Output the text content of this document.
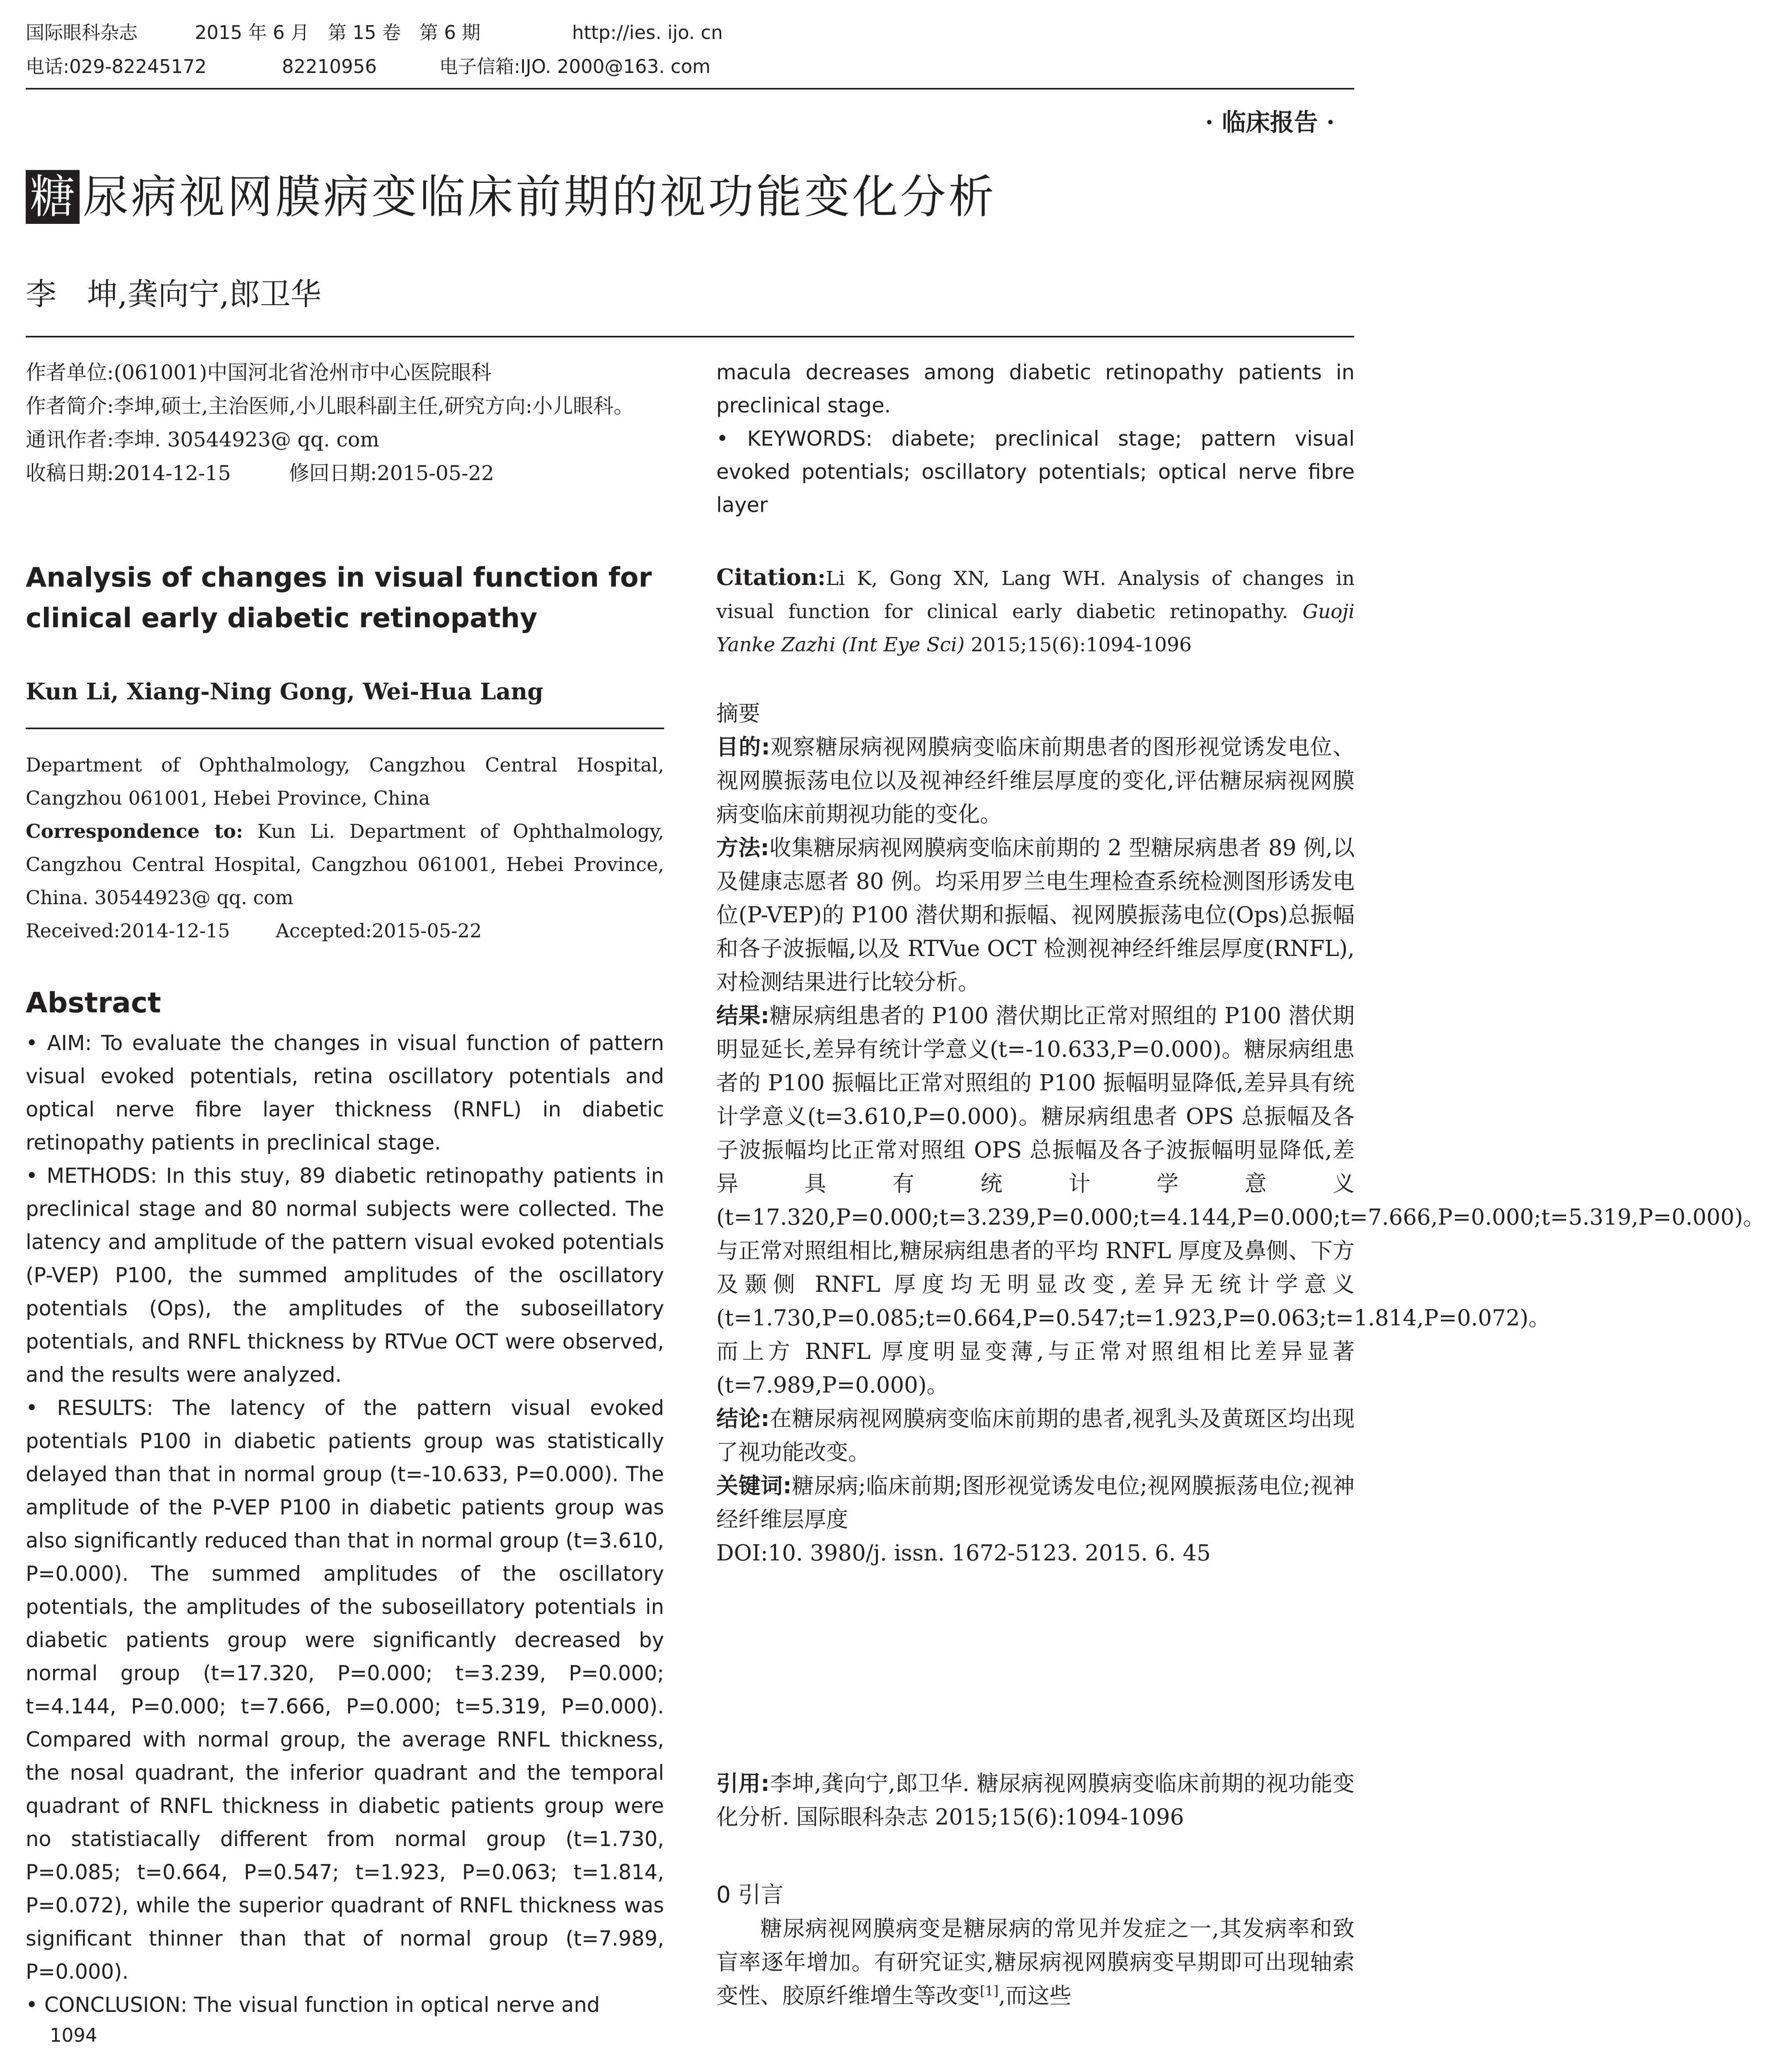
国际眼科杂志	2015 年 6 月　第 15 卷　第 6 期	http://ies. ijo. cn
电话:029-82245172	82210956	电子信箱:IJO. 2000@163. com
· 临床报告 ·
糖 尿病视网膜病变临床前期的视功能变化分析
李　坤,龚向宁,郎卫华
作者单位:(061001)中国河北省沧州市中心医院眼科
作者简介:李坤,硕士,主治医师,小儿眼科副主任,研究方向:小儿眼科。
通讯作者:李坤. 30544923@ qq. com
收稿日期:2014-12-15	修回日期:2015-05-22
Analysis of changes in visual function for clinical early diabetic retinopathy
Kun Li, Xiang-Ning Gong, Wei-Hua Lang
Department of Ophthalmology, Cangzhou Central Hospital, Cangzhou 061001, Hebei Province, China
Correspondence to: Kun Li. Department of Ophthalmology, Cangzhou Central Hospital, Cangzhou 061001, Hebei Province, China. 30544923@ qq. com
Received:2014-12-15 Accepted:2015-05-22
Abstract
• AIM: To evaluate the changes in visual function of pattern visual evoked potentials, retina oscillatory potentials and optical nerve fibre layer thickness (RNFL) in diabetic retinopathy patients in preclinical stage.
• METHODS: In this stuy, 89 diabetic retinopathy patients in preclinical stage and 80 normal subjects were collected. The latency and amplitude of the pattern visual evoked potentials (P-VEP) P100, the summed amplitudes of the oscillatory potentials (Ops), the amplitudes of the suboseillatory potentials, and RNFL thickness by RTVue OCT were observed, and the results were analyzed.
• RESULTS: The latency of the pattern visual evoked potentials P100 in diabetic patients group was statistically delayed than that in normal group (t=-10.633, P=0.000). The amplitude of the P-VEP P100 in diabetic patients group was also significantly reduced than that in normal group (t=3.610, P=0.000). The summed amplitudes of the oscillatory potentials, the amplitudes of the suboseillatory potentials in diabetic patients group were significantly decreased by normal group (t=17.320, P=0.000; t=3.239, P=0.000; t=4.144, P=0.000; t=7.666, P=0.000; t=5.319, P=0.000). Compared with normal group, the average RNFL thickness, the nosal quadrant, the inferior quadrant and the temporal quadrant of RNFL thickness in diabetic patients group were no statistiacally different from normal group (t=1.730, P=0.085; t=0.664, P=0.547; t=1.923, P=0.063; t=1.814, P=0.072), while the superior quadrant of RNFL thickness was significant thinner than that of normal group (t=7.989, P=0.000).
• CONCLUSION: The visual function in optical nerve and
1094
macula decreases among diabetic retinopathy patients in preclinical stage.
• KEYWORDS: diabete; preclinical stage; pattern visual evoked potentials; oscillatory potentials; optical nerve fibre layer
Citation:Li K, Gong XN, Lang WH. Analysis of changes in visual function for clinical early diabetic retinopathy. Guoji Yanke Zazhi (Int Eye Sci) 2015;15(6):1094-1096
摘要
目的:观察糖尿病视网膜病变临床前期患者的图形视觉诱发电位、视网膜振荡电位以及视神经纤维层厚度的变化,评估糖尿病视网膜病变临床前期视功能的变化。
方法:收集糖尿病视网膜病变临床前期的 2 型糖尿病患者 89 例,以及健康志愿者 80 例。均采用罗兰电生理检查系统检测图形诱发电位(P-VEP)的 P100 潜伏期和振幅、视网膜振荡电位(Ops)总振幅和各子波振幅,以及 RTVue OCT 检测视神经纤维层厚度(RNFL),对检测结果进行比较分析。
结果:糖尿病组患者的 P100 潜伏期比正常对照组的 P100 潜伏期明显延长,差异有统计学意义(t=-10.633,P=0.000)。糖尿病组患者的 P100 振幅比正常对照组的 P100 振幅明显降低,差异具有统计学意义(t=3.610,P=0.000)。糖尿病组患者 OPS 总振幅及各子波振幅均比正常对照组 OPS 总振幅及各子波振幅明显降低,差异具有统计学意义(t=17.320,P=0.000;t=3.239,P=0.000;t=4.144,P=0.000;t=7.666,P=0.000;t=5.319,P=0.000)。与正常对照组相比,糖尿病组患者的平均 RNFL 厚度及鼻侧、下方及颞侧 RNFL 厚度均无明显改变,差异无统计学意义(t=1.730,P=0.085;t=0.664,P=0.547;t=1.923,P=0.063;t=1.814,P=0.072)。而上方 RNFL 厚度明显变薄,与正常对照组相比差异显著(t=7.989,P=0.000)。
结论:在糖尿病视网膜病变临床前期的患者,视乳头及黄斑区均出现了视功能改变。
关键词:糖尿病;临床前期;图形视觉诱发电位;视网膜振荡电位;视神经纤维层厚度
DOI:10. 3980/j. issn. 1672-5123. 2015. 6. 45
引用:李坤,龚向宁,郎卫华. 糖尿病视网膜病变临床前期的视功能变化分析. 国际眼科杂志 2015;15(6):1094-1096
0 引言
糖尿病视网膜病变是糖尿病的常见并发症之一,其发病率和致盲率逐年增加。有研究证实,糖尿病视网膜病变早期即可出现轴索变性、胶原纤维增生等改变[1],而这些
